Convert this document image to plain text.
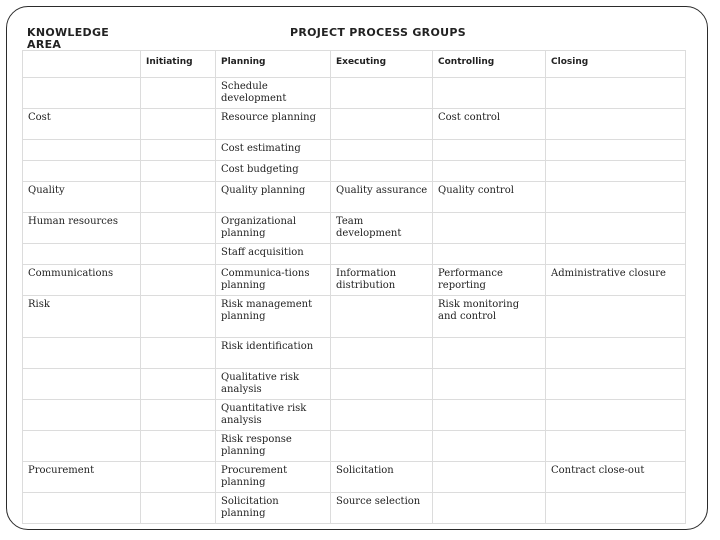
KNOWLEDGE AREA
PROJECT PROCESS GROUPS
	Initiating	Planning	Executing	Controlling	Closing
		Schedule development			
Cost		Resource planning		Cost control	
		Cost estimating			
		Cost budgeting			
Quality		Quality planning	Quality assurance	Quality control	
Human resources		Organizational planning	Team development		
		Staff acquisition			
Communications		Communica-tions planning	Information distribution	Performance reporting	Administrative closure
Risk		Risk management planning		Risk monitoring and control	
		Risk identification			
		Qualitative risk analysis			
		Quantitative risk analysis			
		Risk response planning			
Procurement		Procurement planning	Solicitation		Contract close-out
		Solicitation planning	Source selection		
